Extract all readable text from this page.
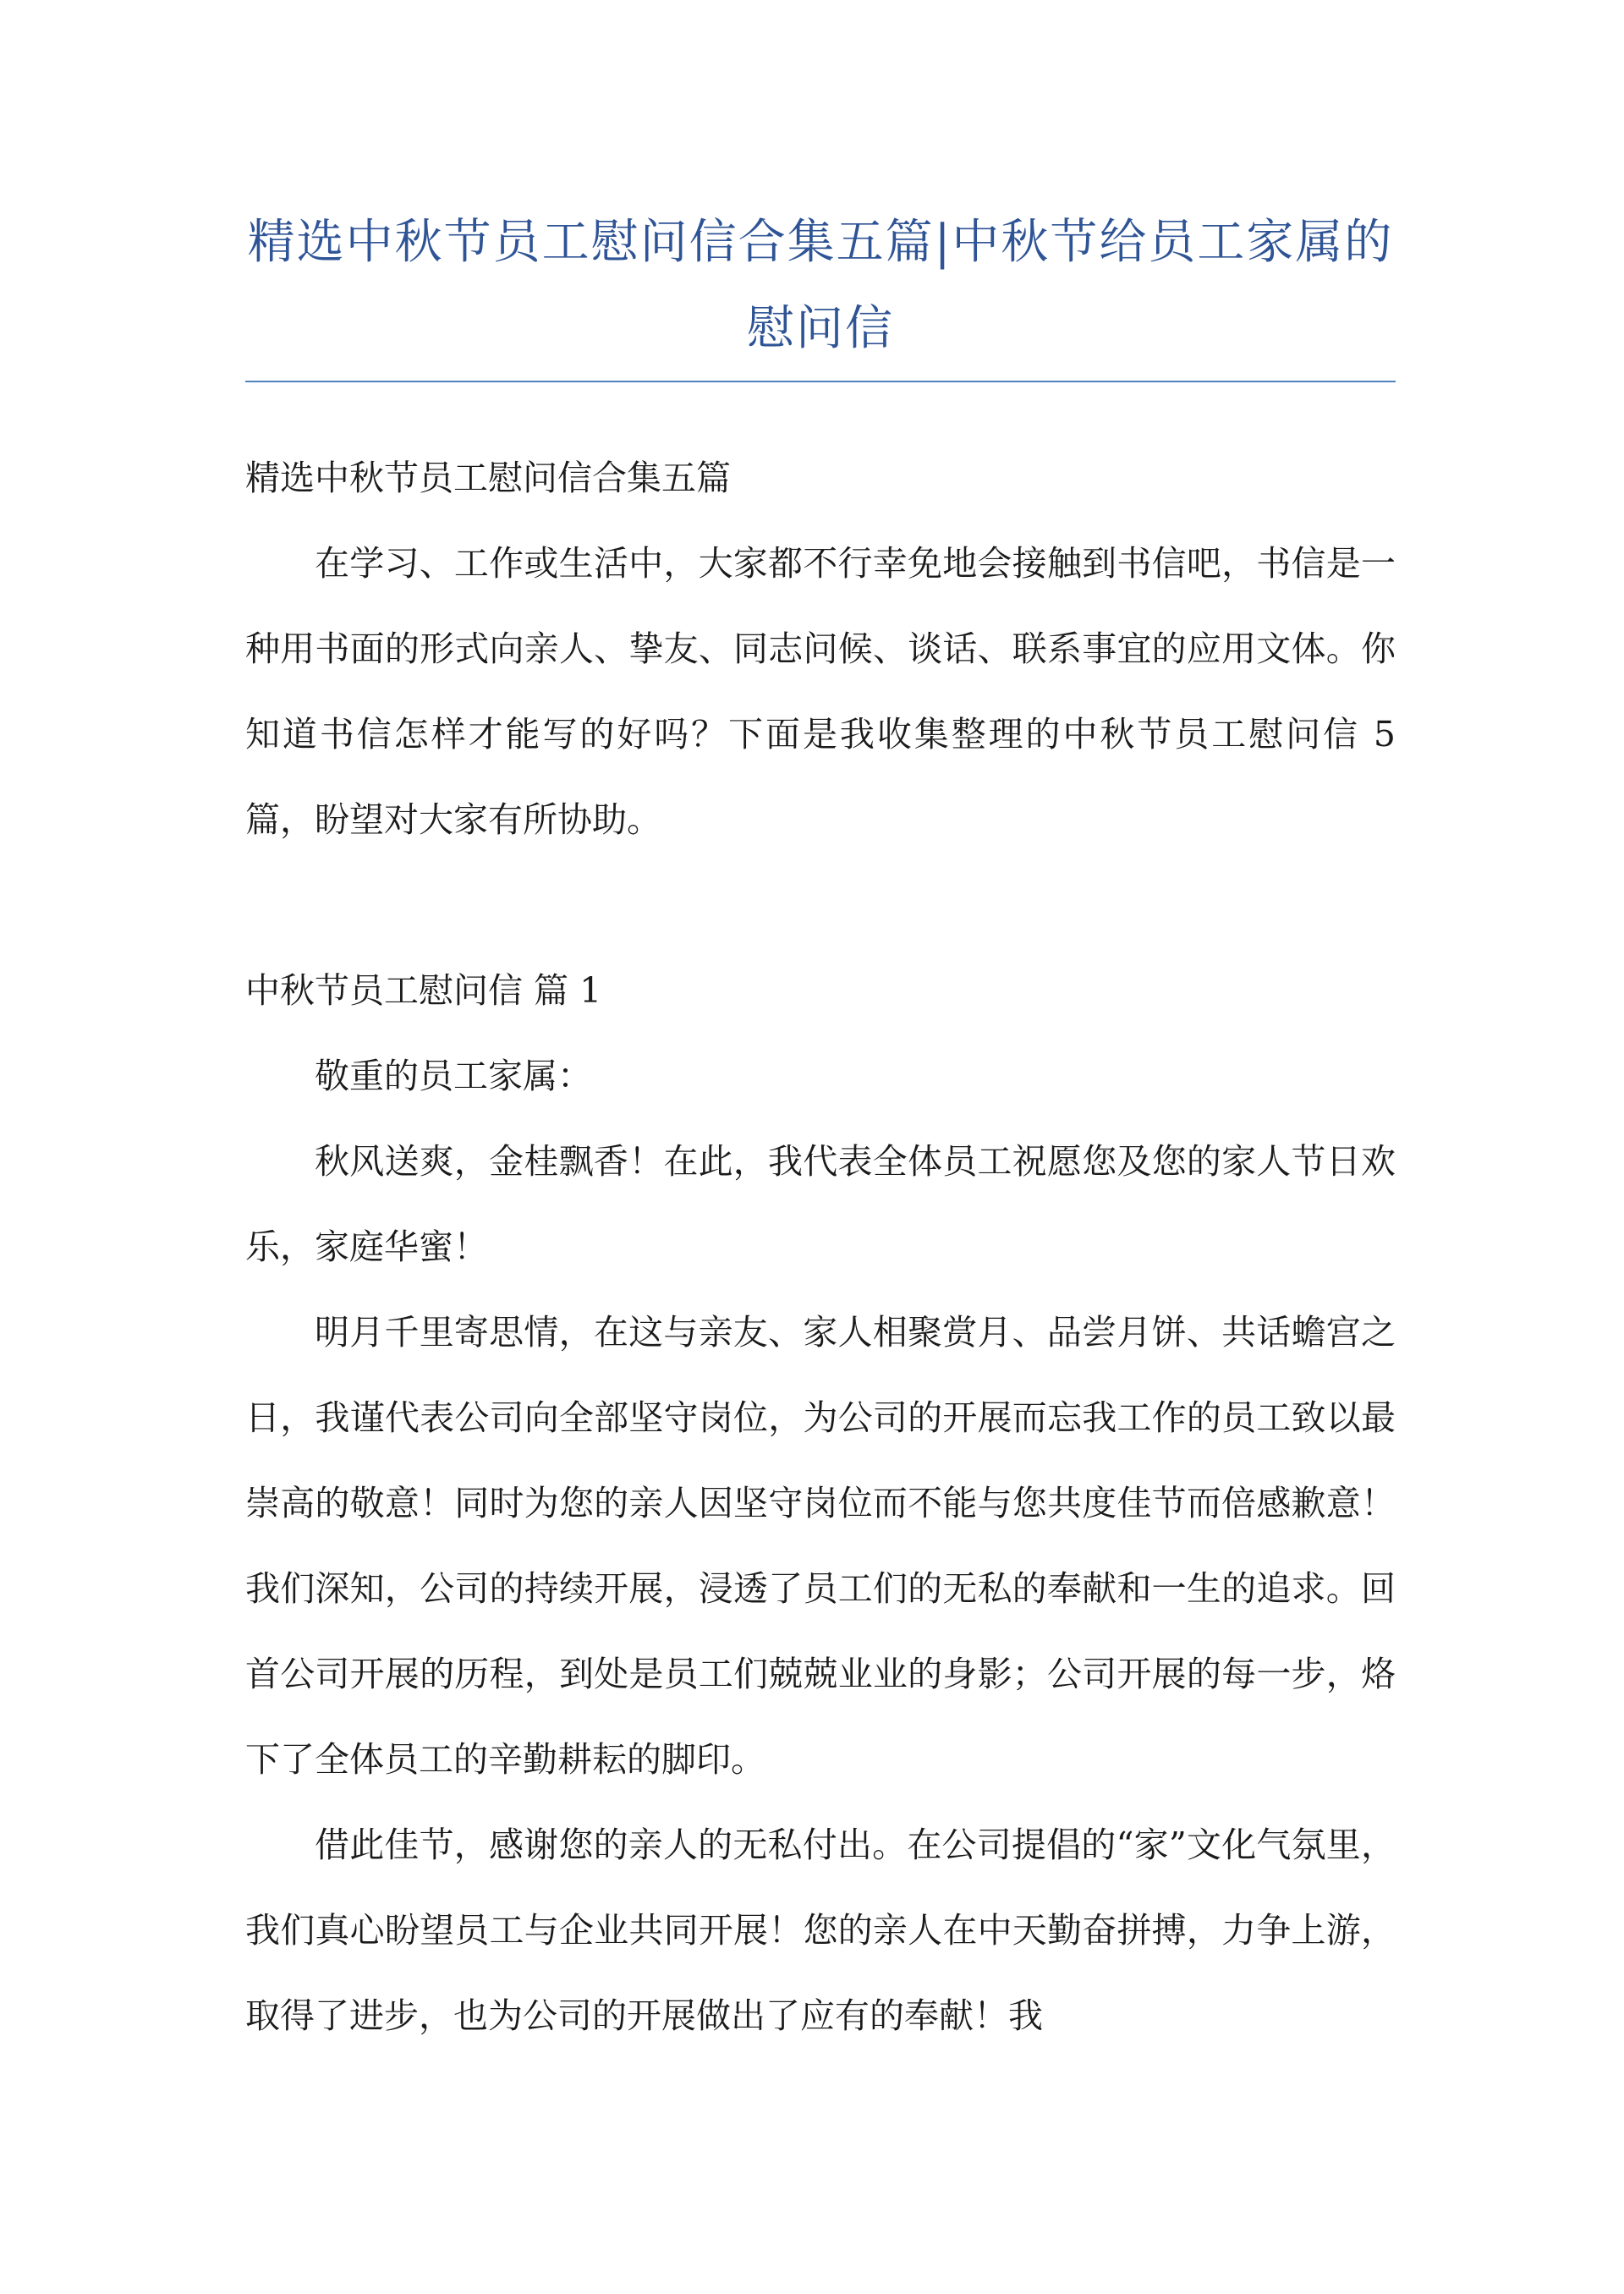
精选中秋节员工慰问信合集五篇|中秋节给员工家属的慰问信

精选中秋节员工慰问信合集五篇

在学习、工作或生活中，大家都不行幸免地会接触到书信吧，书信是一种用书面的形式向亲人、挚友、同志问候、谈话、联系事宜的应用文体。你知道书信怎样才能写的好吗？下面是我收集整理的中秋节员工慰问信 5 篇，盼望对大家有所协助。

中秋节员工慰问信 篇 1

敬重的员工家属：

秋风送爽，金桂飘香！在此，我代表全体员工祝愿您及您的家人节日欢乐，家庭华蜜！

明月千里寄思情，在这与亲友、家人相聚赏月、品尝月饼、共话蟾宫之日，我谨代表公司向全部坚守岗位，为公司的开展而忘我工作的员工致以最崇高的敬意！同时为您的亲人因坚守岗位而不能与您共度佳节而倍感歉意！我们深知，公司的持续开展，浸透了员工们的无私的奉献和一生的追求。回首公司开展的历程，到处是员工们兢兢业业的身影；公司开展的每一步，烙下了全体员工的辛勤耕耘的脚印。

借此佳节，感谢您的亲人的无私付出。在公司提倡的“家”文化气氛里，我们真心盼望员工与企业共同开展！您的亲人在中天勤奋拼搏，力争上游，取得了进步，也为公司的开展做出了应有的奉献！我
